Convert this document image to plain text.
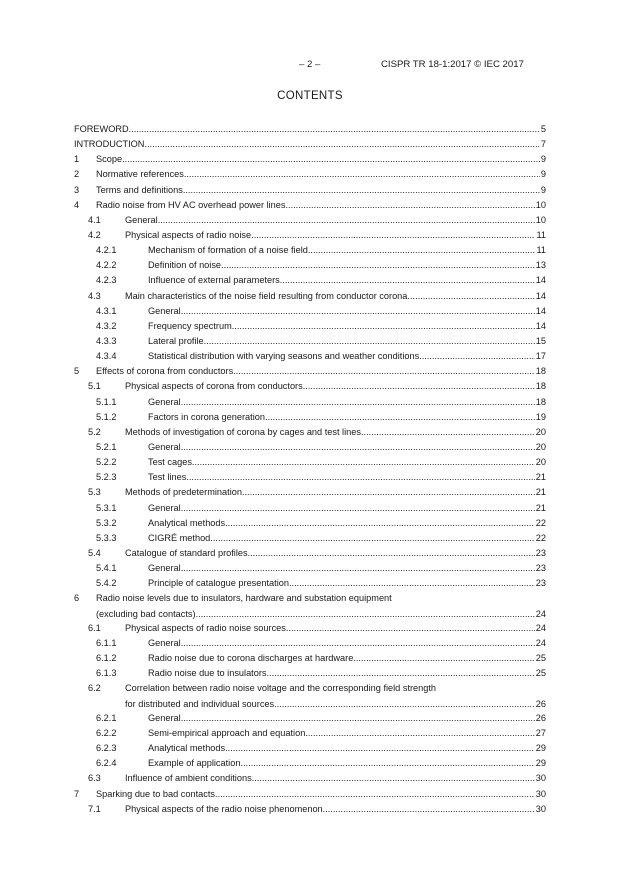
– 2 –	CISPR TR 18-1:2017 © IEC 2017
CONTENTS
FOREWORD .....	5
INTRODUCTION .....	7
1 Scope .....	9
2 Normative references .....	9
3 Terms and definitions .....	9
4 Radio noise from HV AC overhead power lines .....	10
4.1	General .....	10
4.2	Physical aspects of radio noise .....	11
4.2.1	Mechanism of formation of a noise field .....	11
4.2.2	Definition of noise .....	13
4.2.3	Influence of external parameters .....	14
4.3	Main characteristics of the noise field resulting from conductor corona .....	14
4.3.1	General .....	14
4.3.2	Frequency spectrum .....	14
4.3.3	Lateral profile .....	15
4.3.4	Statistical distribution with varying seasons and weather conditions .....	17
5 Effects of corona from conductors .....	18
5.1	Physical aspects of corona from conductors .....	18
5.1.1	General .....	18
5.1.2	Factors in corona generation .....	19
5.2	Methods of investigation of corona by cages and test lines .....	20
5.2.1	General .....	20
5.2.2	Test cages .....	20
5.2.3	Test lines .....	21
5.3	Methods of predetermination .....	21
5.3.1	General .....	21
5.3.2	Analytical methods .....	22
5.3.3	CIGRÉ method .....	22
5.4	Catalogue of standard profiles .....	23
5.4.1	General .....	23
5.4.2	Principle of catalogue presentation .....	23
6 Radio noise levels due to insulators, hardware and substation equipment
(excluding bad contacts) .....	24
6.1	Physical aspects of radio noise sources .....	24
6.1.1	General .....	24
6.1.2	Radio noise due to corona discharges at hardware .....	25
6.1.3	Radio noise due to insulators .....	25
6.2	Correlation between radio noise voltage and the corresponding field strength
for distributed and individual sources .....	26
6.2.1	General .....	26
6.2.2	Semi-empirical approach and equation .....	27
6.2.3	Analytical methods .....	29
6.2.4	Example of application .....	29
6.3	Influence of ambient conditions .....	30
7 Sparking due to bad contacts .....	30
7.1	Physical aspects of the radio noise phenomenon .....	30
